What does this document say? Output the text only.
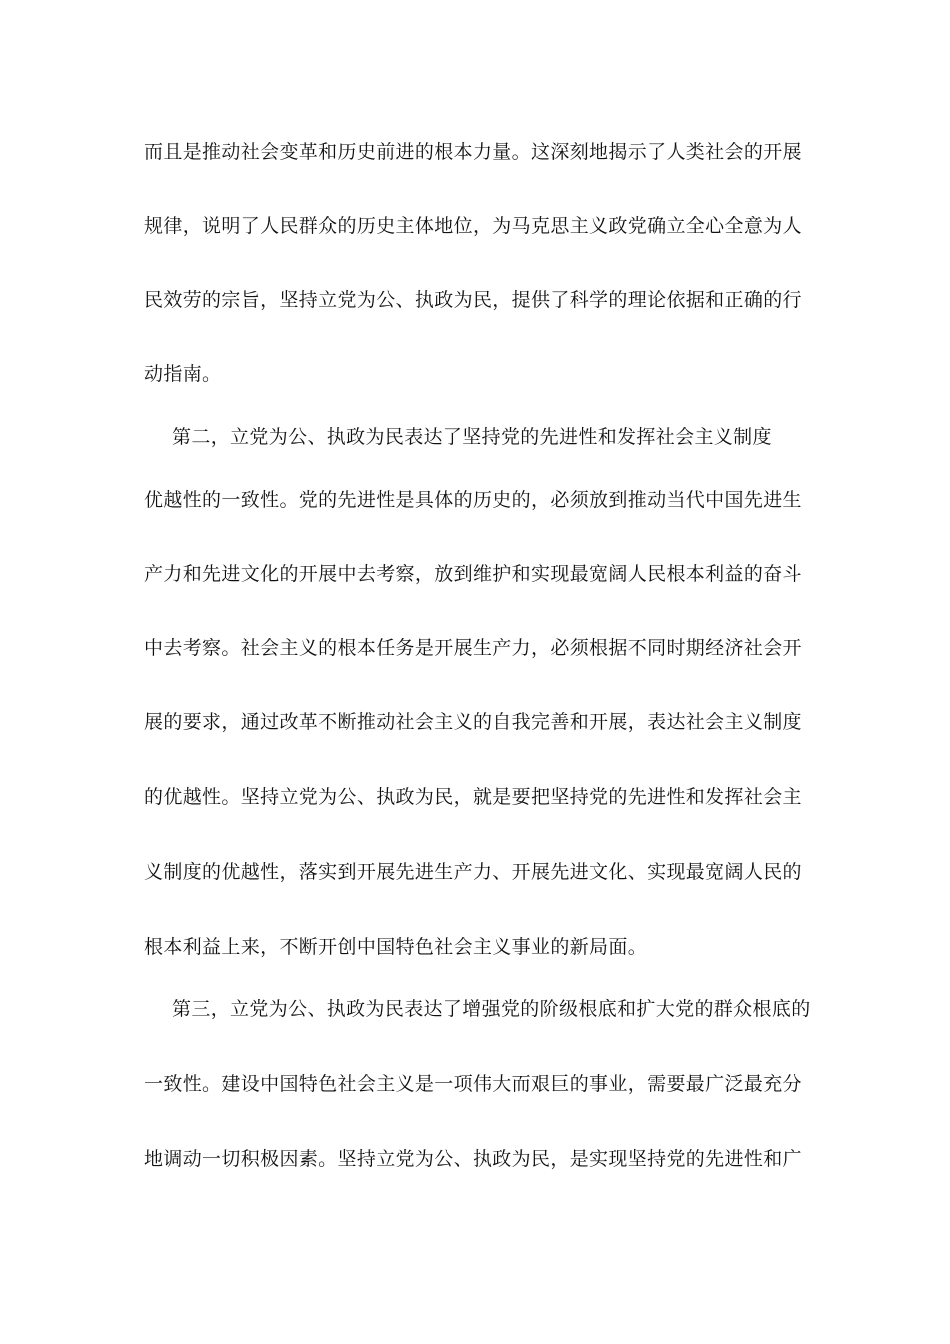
而且是推动社会变革和历史前进的根本力量。这深刻地揭示了人类社会的开展
规律，说明了人民群众的历史主体地位，为马克思主义政党确立全心全意为人
民效劳的宗旨，坚持立党为公、执政为民，提供了科学的理论依据和正确的行
动指南。
第二，立党为公、执政为民表达了坚持党的先进性和发挥社会主义制度
优越性的一致性。党的先进性是具体的历史的，必须放到推动当代中国先进生
产力和先进文化的开展中去考察，放到维护和实现最宽阔人民根本利益的奋斗
中去考察。社会主义的根本任务是开展生产力，必须根据不同时期经济社会开
展的要求，通过改革不断推动社会主义的自我完善和开展，表达社会主义制度
的优越性。坚持立党为公、执政为民，就是要把坚持党的先进性和发挥社会主
义制度的优越性，落实到开展先进生产力、开展先进文化、实现最宽阔人民的
根本利益上来，不断开创中国特色社会主义事业的新局面。
第三，立党为公、执政为民表达了增强党的阶级根底和扩大党的群众根底的
一致性。建设中国特色社会主义是一项伟大而艰巨的事业，需要最广泛最充分
地调动一切积极因素。坚持立党为公、执政为民，是实现坚持党的先进性和广
